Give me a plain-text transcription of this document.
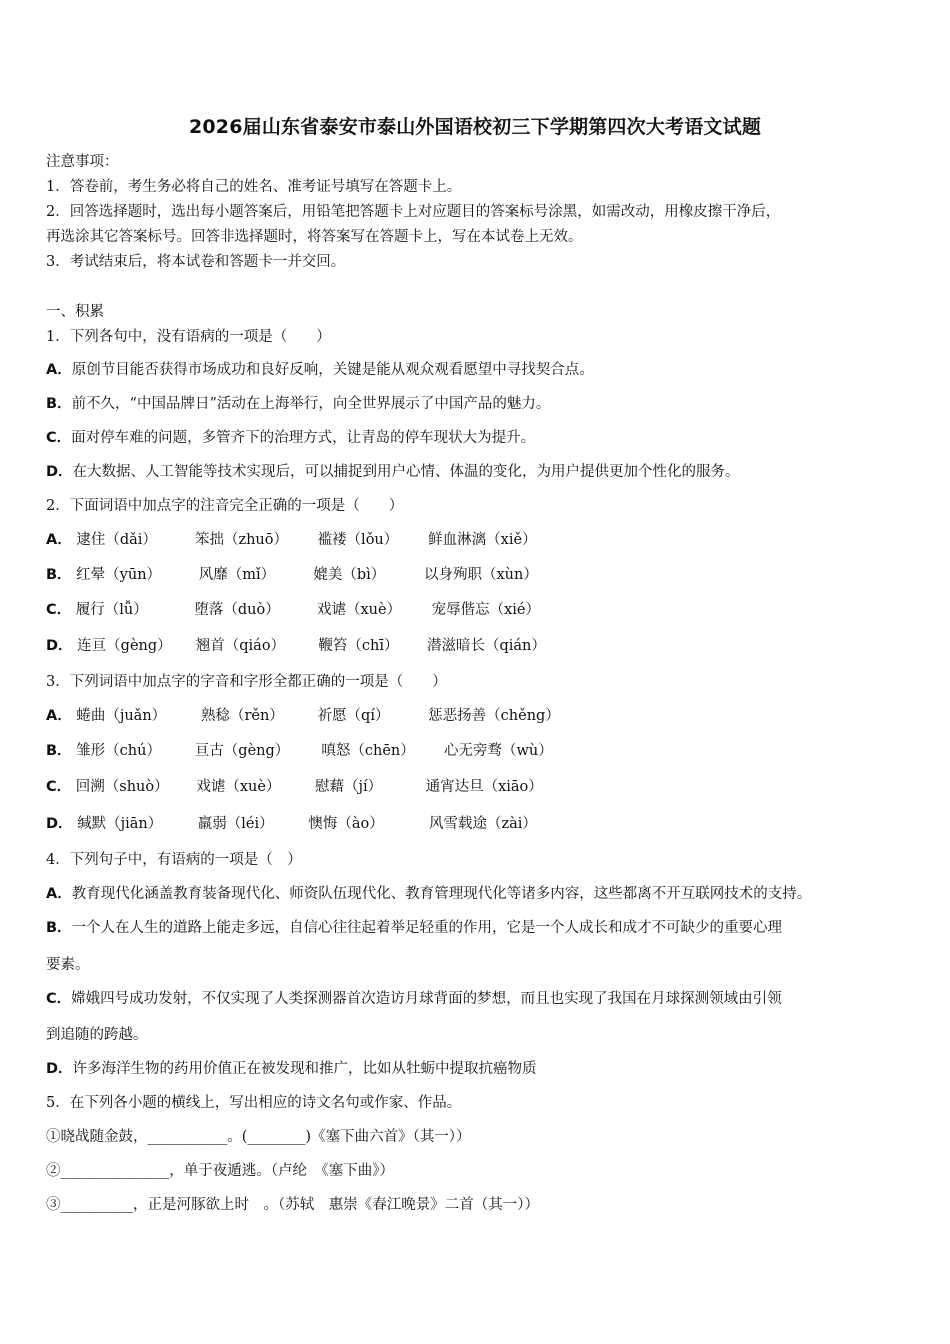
2026届山东省泰安市泰山外国语校初三下学期第四次大考语文试题
注意事项：
1．答卷前，考生务必将自己的姓名、准考证号填写在答题卡上。
2．回答选择题时，选出每小题答案后，用铅笔把答题卡上对应题目的答案标号涂黑，如需改动，用橡皮擦干净后，
再选涂其它答案标号。回答非选择题时，将答案写在答题卡上，写在本试卷上无效。
3．考试结束后，将本试卷和答题卡一并交回。
一、积累
1．下列各句中，没有语病的一项是（　　）
A．原创节目能否获得市场成功和良好反响，关键是能从观众观看愿望中寻找契合点。
B．前不久，“中国品牌日”活动在上海举行，向全世界展示了中国产品的魅力。
C．面对停车难的问题，多管齐下的治理方式，让青岛的停车现状大为提升。
D．在大数据、人工智能等技术实现后，可以捕捉到用户心情、体温的变化，为用户提供更加个性化的服务。
2．下面词语中加点字的注音完全正确的一项是（　　）
A． 逮住（dǎi）	笨拙（zhuō） 褴褛（lǒu） 鲜血淋漓（xiě）
B． 红晕（yūn）	风靡（mǐ）	媲美（bì）	以身殉职（xùn）
C． 履行（lǚ）	堕落（duò）	戏谑（xuè） 宠辱偕忘（xié）
D． 连亘（gèng） 翘首（qiáo） 鞭笞（chī） 潜滋暗长（qián）
3．下列词语中加点字的字音和字形全都正确的一项是（　　）
A． 蜷曲（juǎn） 熟稔（rěn） 祈愿（qí）	惩恶扬善（chěng）
B． 雏形（chú） 亘古（gèng） 嗔怒（chēn） 心无旁骛（wù）
C． 回溯（shuò） 戏谑（xuè） 慰藉（jí）	通宵达旦（xiāo）
D． 缄默（jiān） 羸弱（léi） 懊悔（ào）	风雪载途（zài）
4．下列句子中，有语病的一项是（　）
A．教育现代化涵盖教育装备现代化、师资队伍现代化、教育管理现代化等诸多内容，这些都离不开互联网技术的支持。
B．一个人在人生的道路上能走多远，自信心往往起着举足轻重的作用，它是一个人成长和成才不可缺少的重要心理
要素。
C．嫦娥四号成功发射，不仅实现了人类探测器首次造访月球背面的梦想，而且也实现了我国在月球探测领域由引领
到追随的跨越。
D．许多海洋生物的药用价值正在被发现和推广，比如从牡蛎中提取抗癌物质
5．在下列各小题的横线上，写出相应的诗文名句或作家、作品。
①晓战随金鼓，___________。(________)《塞下曲六首》（其一））
②_______________，单于夜遁逃。（卢纶　《塞下曲》）
③__________，正是河豚欲上时　。（苏轼　惠崇《春江晚景》二首（其一））
